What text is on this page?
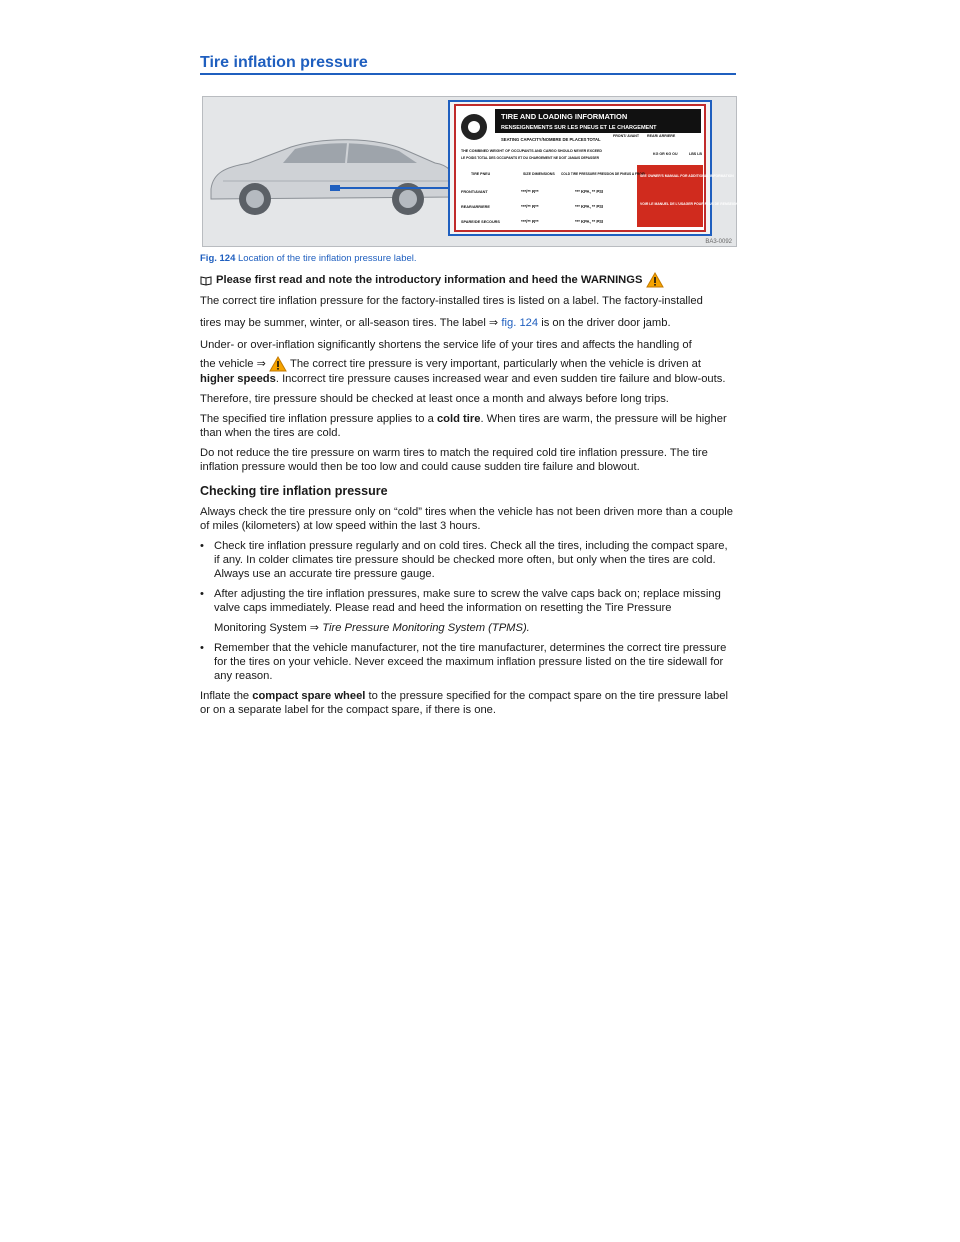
Tire inflation pressure
TIRE AND LOADING INFORMATION
RENSEIGNEMENTS SUR LES PNEUS ET LE CHARGEMENT
SEATING CAPACITY/NOMBRE DE PLACES TOTAL
FRONT/ AVANT REAR/ ARRIERE
THE COMBINED WEIGHT OF OCCUPANTS AND CARGO SHOULD NEVER EXCEED
LE POIDS TOTAL DES OCCUPANTS ET DU CHARGEMENT NE DOIT JAMAIS DEPASSER
KG OR KG OU	LBS LB
TIRE PNEU	SIZE DIMENSIONS COLD TIRE PRESSURE PRESSION DE PNEUS A FROID
FRONT/AVANT	***/** R**	*** KPA, ** PSI
REAR/ARRIERE	***/** R**	*** KPA, ** PSI
SPARE/DE SECOURS	***/** R**	*** KPA, ** PSI
SEE OWNER'S MANUAL FOR ADDITIONAL INFORMATION
VOIR LE MANUEL DE L'USAGER POUR PLUS DE RENSEIGNEMENTS
BA3-0092
Fig. 124 Location of the tire inflation pressure label.
Please first read and note the introductory information and heed the WARNINGS

The correct tire inflation pressure for the factory-installed tires is listed on a label. The factory-installed
tires may be summer, winter, or all-season tires. The label ⇒ fig. 124 is on the driver door jamb.

Under- or over-inflation significantly shortens the service life of your tires and affects the handling of
the vehicle ⇒ The correct tire pressure is very important, particularly when the vehicle is driven at higher speeds. Incorrect tire pressure causes increased wear and even sudden tire failure and blow-outs.

Therefore, tire pressure should be checked at least once a month and always before long trips.

The specified tire inflation pressure applies to a cold tire. When tires are warm, the pressure will be higher than when the tires are cold.

Do not reduce the tire pressure on warm tires to match the required cold tire inflation pressure. The tire inflation pressure would then be too low and could cause sudden tire failure and blowout.

Checking tire inflation pressure

Always check the tire pressure only on “cold” tires when the vehicle has not been driven more than a couple of miles (kilometers) at low speed within the last 3 hours.

• Check tire inflation pressure regularly and on cold tires. Check all the tires, including the compact spare, if any. In colder climates tire pressure should be checked more often, but only when the tires are cold. Always use an accurate tire pressure gauge.
• After adjusting the tire inflation pressures, make sure to screw the valve caps back on; replace missing valve caps immediately. Please read and heed the information on resetting the Tire Pressure
Monitoring System ⇒ Tire Pressure Monitoring System (TPMS).
• Remember that the vehicle manufacturer, not the tire manufacturer, determines the correct tire pressure for the tires on your vehicle. Never exceed the maximum inflation pressure listed on the tire sidewall for any reason.

Inflate the compact spare wheel to the pressure specified for the compact spare on the tire pressure label or on a separate label for the compact spare, if there is one.
